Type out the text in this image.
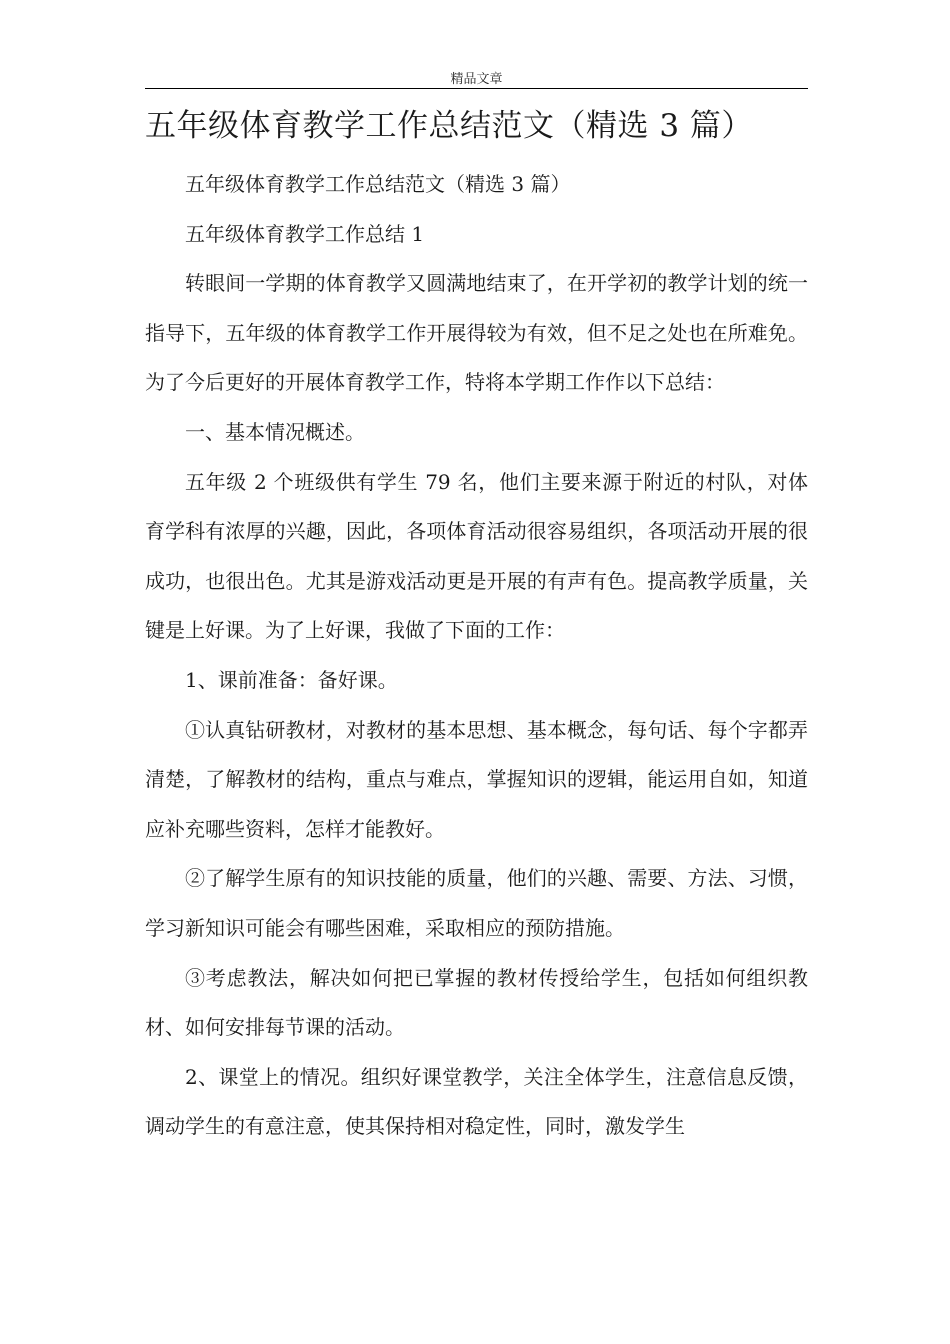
精品文章
五年级体育教学工作总结范文（精选 3 篇）

五年级体育教学工作总结范文（精选 3 篇）

五年级体育教学工作总结 1

转眼间一学期的体育教学又圆满地结束了，在开学初的教学计划的统一指导下，五年级的体育教学工作开展得较为有效，但不足之处也在所难免。为了今后更好的开展体育教学工作，特将本学期工作作以下总结：

一、基本情况概述。

五年级 2 个班级供有学生 79 名，他们主要来源于附近的村队，对体育学科有浓厚的兴趣，因此，各项体育活动很容易组织，各项活动开展的很成功，也很出色。尤其是游戏活动更是开展的有声有色。提高教学质量，关键是上好课。为了上好课，我做了下面的工作：

1、课前准备：备好课。

①认真钻研教材，对教材的基本思想、基本概念，每句话、每个字都弄清楚，了解教材的结构，重点与难点，掌握知识的逻辑，能运用自如，知道应补充哪些资料，怎样才能教好。

②了解学生原有的知识技能的质量，他们的兴趣、需要、方法、习惯，学习新知识可能会有哪些困难，采取相应的预防措施。

③考虑教法，解决如何把已掌握的教材传授给学生，包括如何组织教材、如何安排每节课的活动。

2、课堂上的情况。组织好课堂教学，关注全体学生，注意信息反馈，调动学生的有意注意，使其保持相对稳定性，同时，激发学生
